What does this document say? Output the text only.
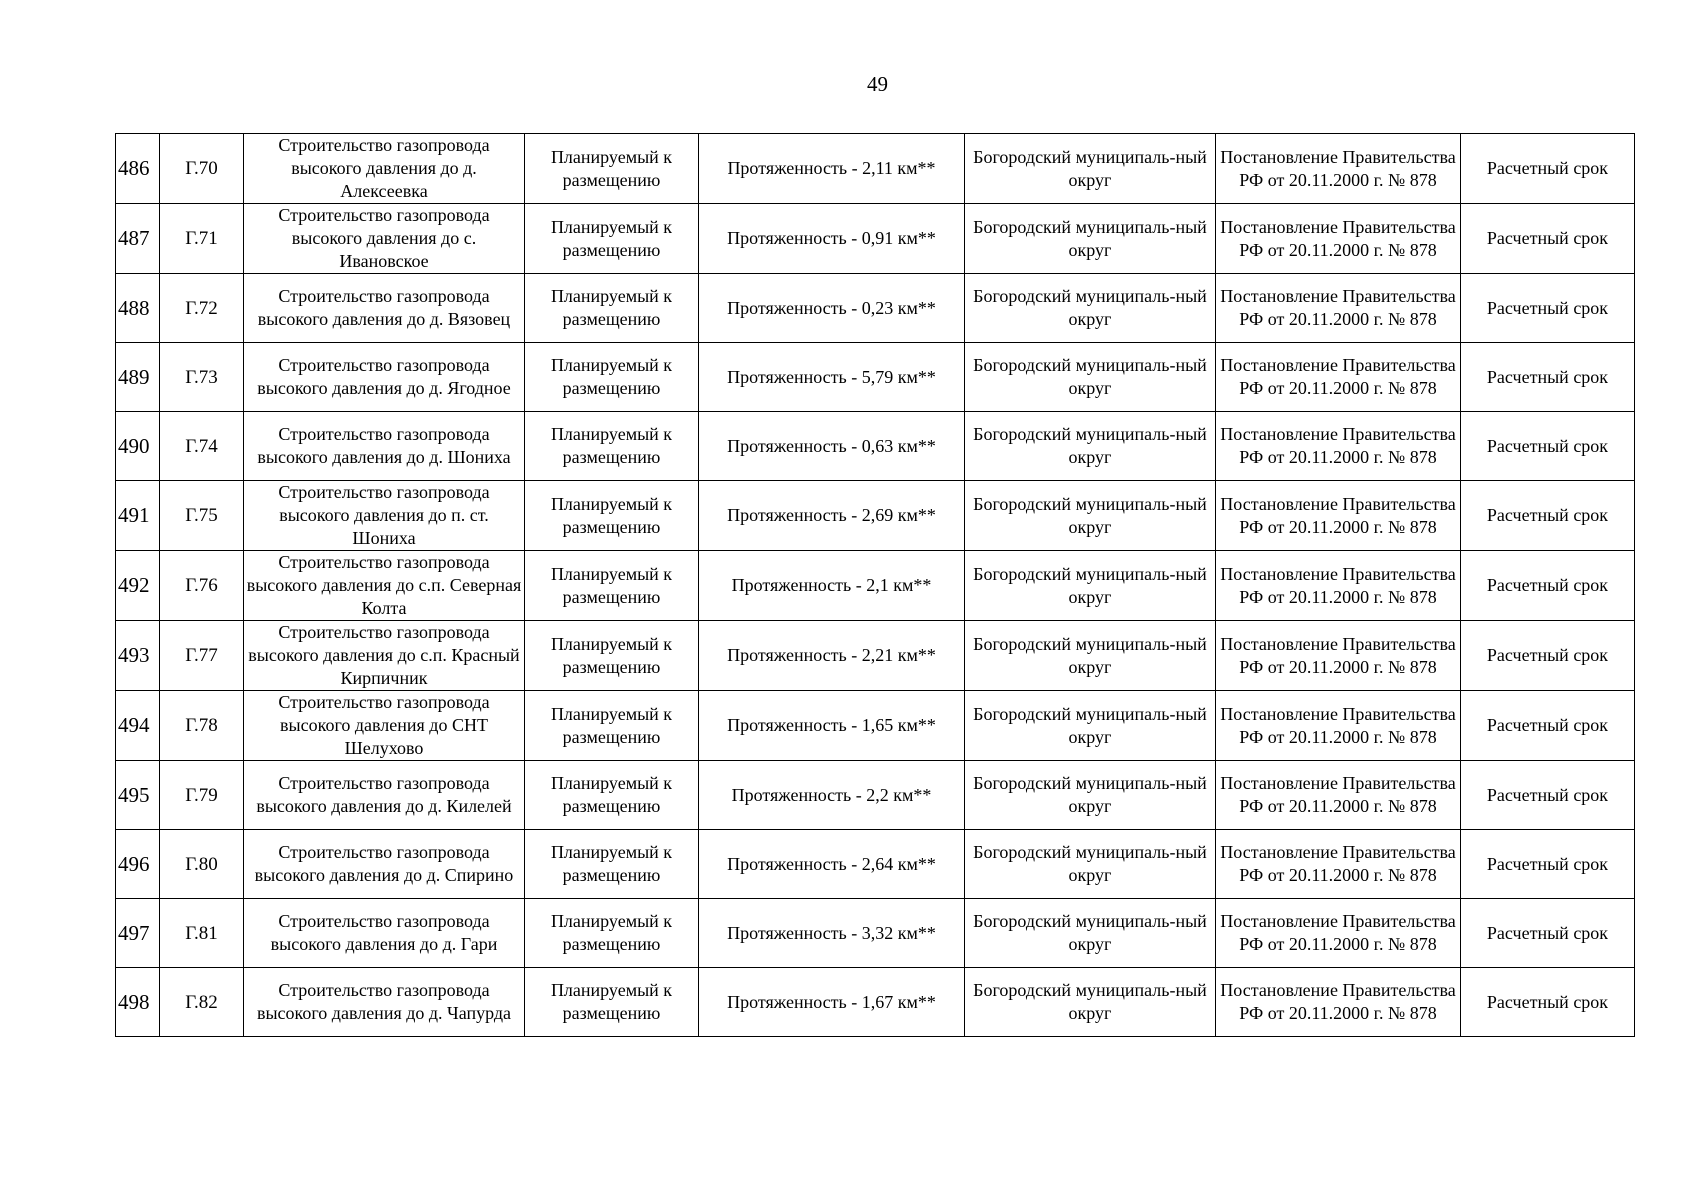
49
486	Г.70	Строительство газопровода высокого давления до д. Алексеевка	Планируемый к размещению	Протяженность - 2,11 км**	Богородский муниципаль-ный округ	Постановление Правительства РФ от 20.11.2000 г. № 878	Расчетный срок

487	Г.71	Строительство газопровода высокого давления до с. Ивановское	Планируемый к размещению	Протяженность - 0,91 км**	Богородский муниципаль-ный округ	Постановление Правительства РФ от 20.11.2000 г. № 878	Расчетный срок

488	Г.72	Строительство газопровода высокого давления до д. Вязовец	Планируемый к размещению	Протяженность - 0,23 км**	Богородский муниципаль-ный округ	Постановление Правительства РФ от 20.11.2000 г. № 878	Расчетный срок

489	Г.73	Строительство газопровода высокого давления до д. Ягодное	Планируемый к размещению	Протяженность - 5,79 км**	Богородский муниципаль-ный округ	Постановление Правительства РФ от 20.11.2000 г. № 878	Расчетный срок

490	Г.74	Строительство газопровода высокого давления до д. Шониха	Планируемый к размещению	Протяженность - 0,63 км**	Богородский муниципаль-ный округ	Постановление Правительства РФ от 20.11.2000 г. № 878	Расчетный срок

491	Г.75	Строительство газопровода высокого давления до п. ст. Шониха	Планируемый к размещению	Протяженность - 2,69 км**	Богородский муниципаль-ный округ	Постановление Правительства РФ от 20.11.2000 г. № 878	Расчетный срок

492	Г.76	Строительство газопровода высокого давления до с.п. Северная Колта	Планируемый к размещению	Протяженность - 2,1 км**	Богородский муниципаль-ный округ	Постановление Правительства РФ от 20.11.2000 г. № 878	Расчетный срок

493	Г.77	Строительство газопровода высокого давления до с.п. Красный Кирпичник	Планируемый к размещению	Протяженность - 2,21 км**	Богородский муниципаль-ный округ	Постановление Правительства РФ от 20.11.2000 г. № 878	Расчетный срок

494	Г.78	Строительство газопровода высокого давления до СНТ Шелухово	Планируемый к размещению	Протяженность - 1,65 км**	Богородский муниципаль-ный округ	Постановление Правительства РФ от 20.11.2000 г. № 878	Расчетный срок

495	Г.79	Строительство газопровода высокого давления до д. Килелей	Планируемый к размещению	Протяженность - 2,2 км**	Богородский муниципаль-ный округ	Постановление Правительства РФ от 20.11.2000 г. № 878	Расчетный срок

496	Г.80	Строительство газопровода высокого давления до д. Спирино	Планируемый к размещению	Протяженность - 2,64 км**	Богородский муниципаль-ный округ	Постановление Правительства РФ от 20.11.2000 г. № 878	Расчетный срок

497	Г.81	Строительство газопровода высокого давления до д. Гари	Планируемый к размещению	Протяженность - 3,32 км**	Богородский муниципаль-ный округ	Постановление Правительства РФ от 20.11.2000 г. № 878	Расчетный срок

498	Г.82	Строительство газопровода высокого давления до д. Чапурда	Планируемый к размещению	Протяженность - 1,67 км**	Богородский муниципаль-ный округ	Постановление Правительства РФ от 20.11.2000 г. № 878	Расчетный срок
